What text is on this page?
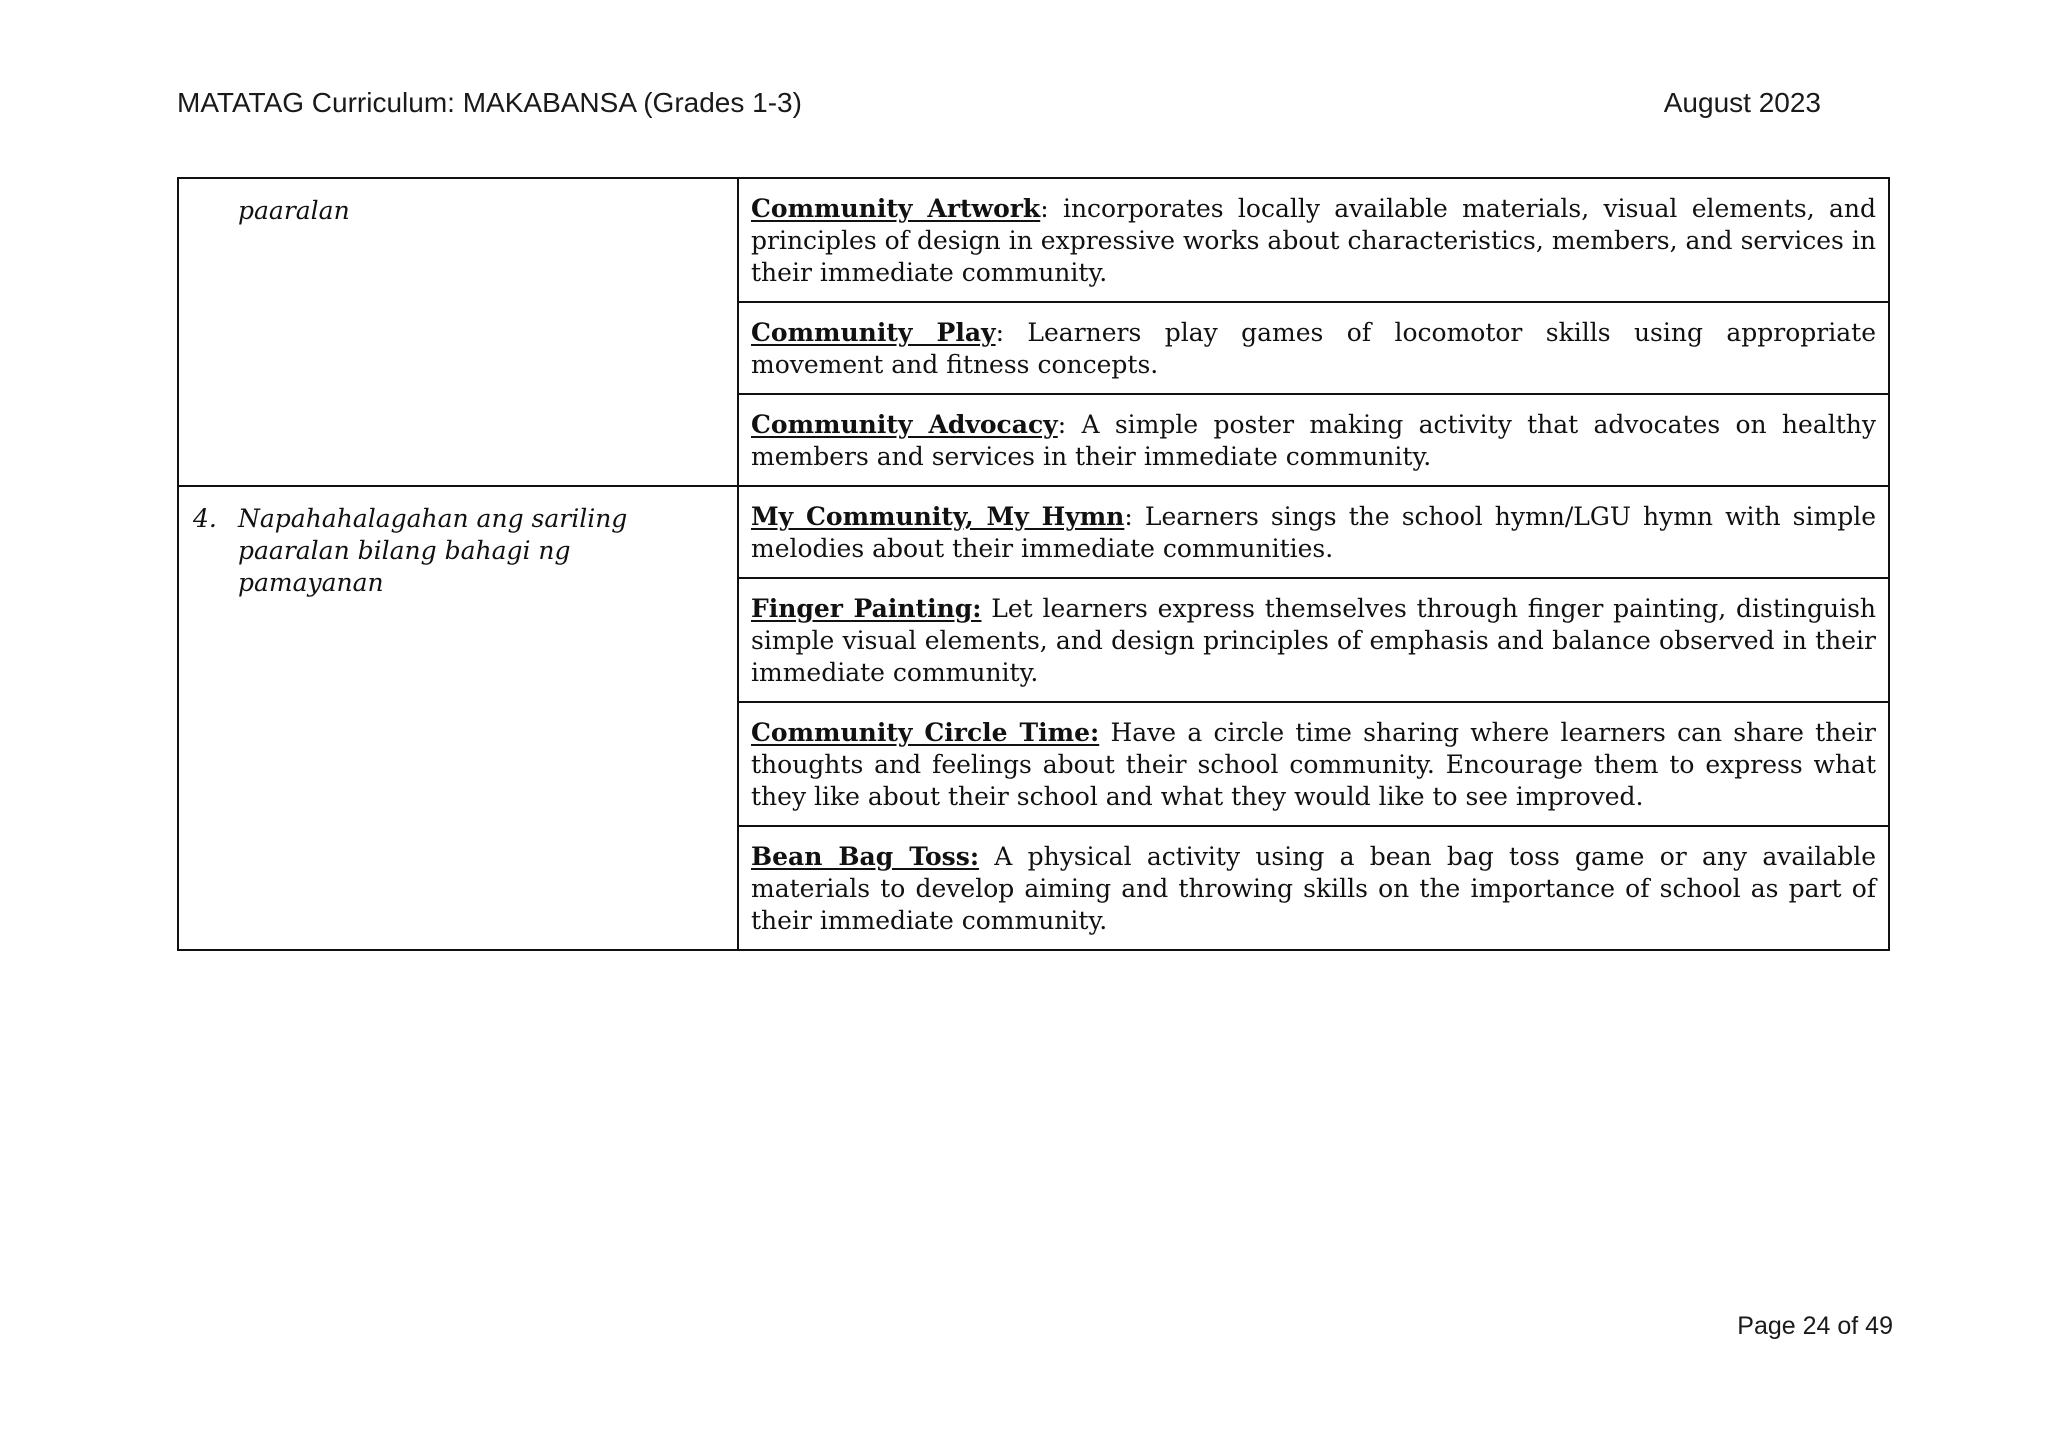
MATATAG Curriculum: MAKABANSA (Grades 1-3)	August 2023
paaralan	Community Artwork: incorporates locally available materials, visual elements, and principles of design in expressive works about characteristics, members, and services in their immediate community.
	Community Play: Learners play games of locomotor skills using appropriate movement and fitness concepts.
	Community Advocacy: A simple poster making activity that advocates on healthy members and services in their immediate community.

4. Napahahalagahan ang sariling paaralan bilang bahagi ng pamayanan	My Community, My Hymn: Learners sings the school hymn/LGU hymn with simple melodies about their immediate communities.
	Finger Painting: Let learners express themselves through finger painting, distinguish simple visual elements, and design principles of emphasis and balance observed in their immediate community.
	Community Circle Time: Have a circle time sharing where learners can share their thoughts and feelings about their school community. Encourage them to express what they like about their school and what they would like to see improved.
	Bean Bag Toss: A physical activity using a bean bag toss game or any available materials to develop aiming and throwing skills on the importance of school as part of their immediate community.
Page 24 of 49
